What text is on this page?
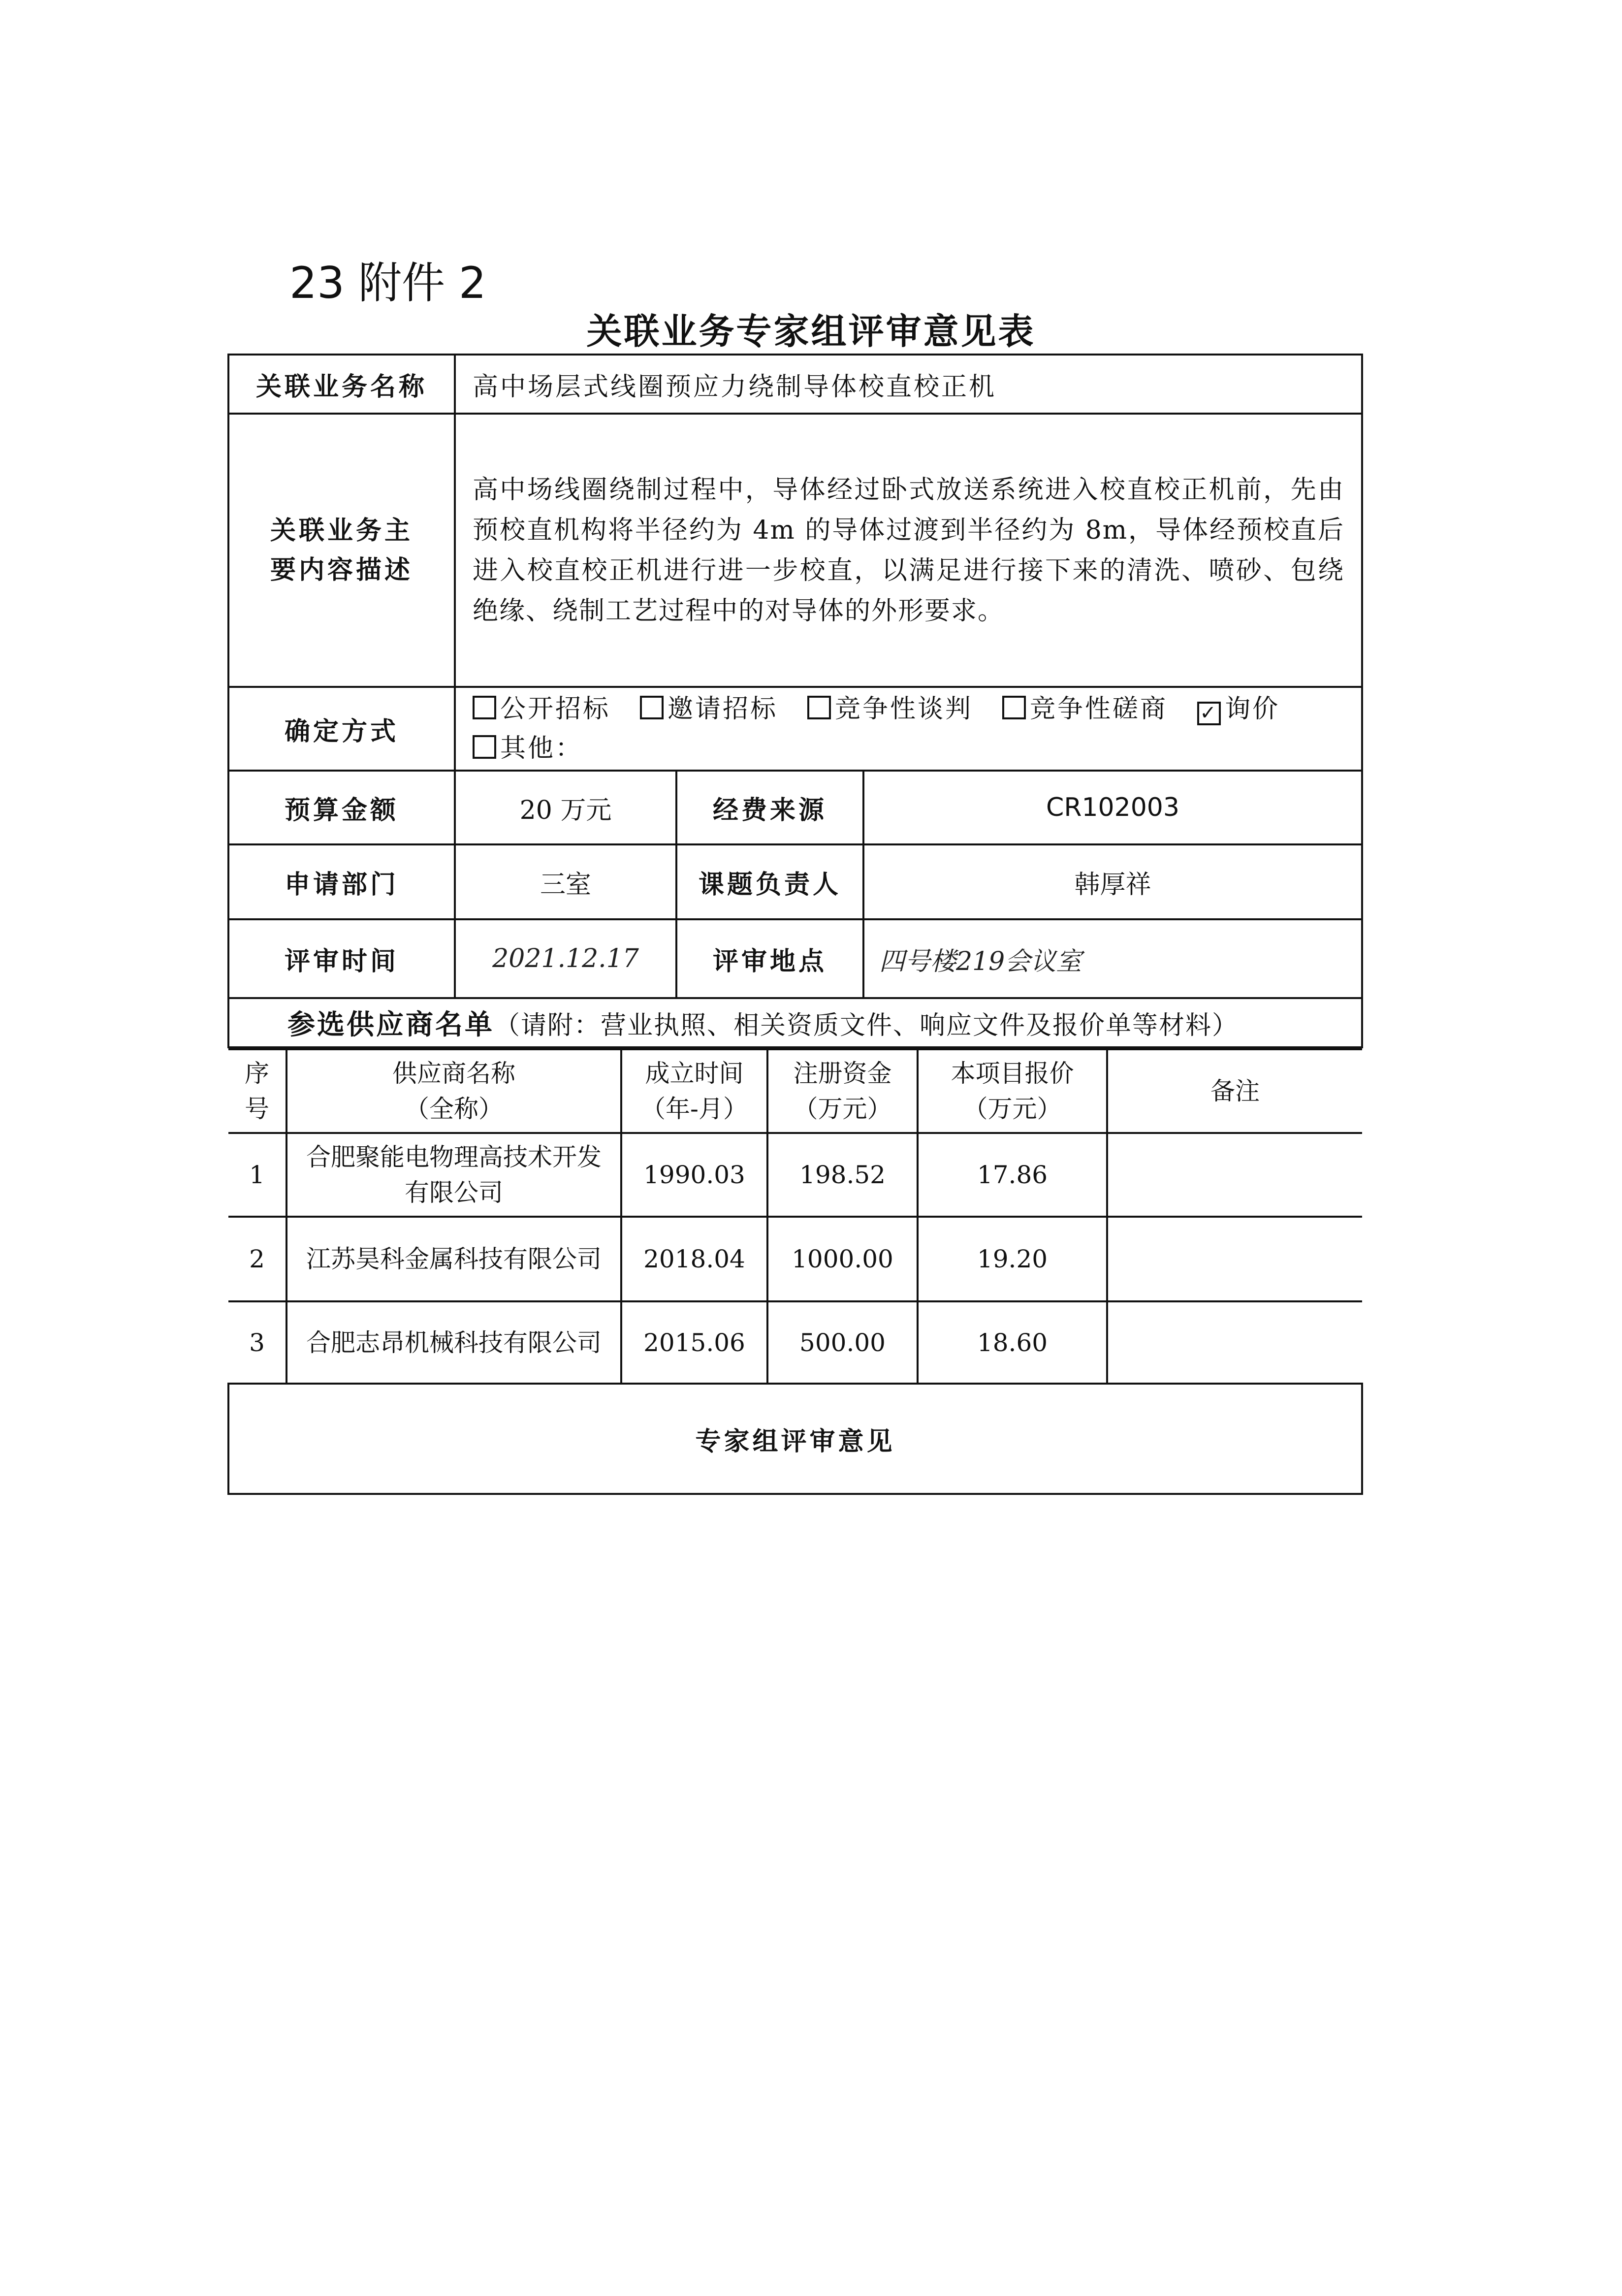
23 附件 2
关联业务专家组评审意见表
关联业务名称	高中场层式线圈预应力绕制导体校直校正机
关联业务主要内容描述	高中场线圈绕制过程中，导体经过卧式放送系统进入校直校正机前，先由预校直机构将半径约为 4m 的导体过渡到半径约为 8m，导体经预校直后进入校直校正机进行进一步校直，以满足进行接下来的清洗、喷砂、包绕绝缘、绕制工艺过程中的对导体的外形要求。
确定方式	公开招标 邀请招标 竞争性谈判 竞争性磋商 ✓ 询价
其他：
预算金额	20 万元	经费来源	CR102003
申请部门	三室	课题负责人	韩厚祥
评审时间	2021.12.17	评审地点	四号楼219会议室
参选供应商名单（请附：营业执照、相关资质文件、响应文件及报价单等材料）

序号	供应商名称（全称）	成立时间（年-月）	注册资金（万元）	本项目报价（万元）	备注
1	合肥聚能电物理高技术开发有限公司	1990.03	198.52	17.86	
2	江苏昊科金属科技有限公司	2018.04	1000.00	19.20	
3	合肥志昂机械科技有限公司	2015.06	500.00	18.60	

专家组评审意见
